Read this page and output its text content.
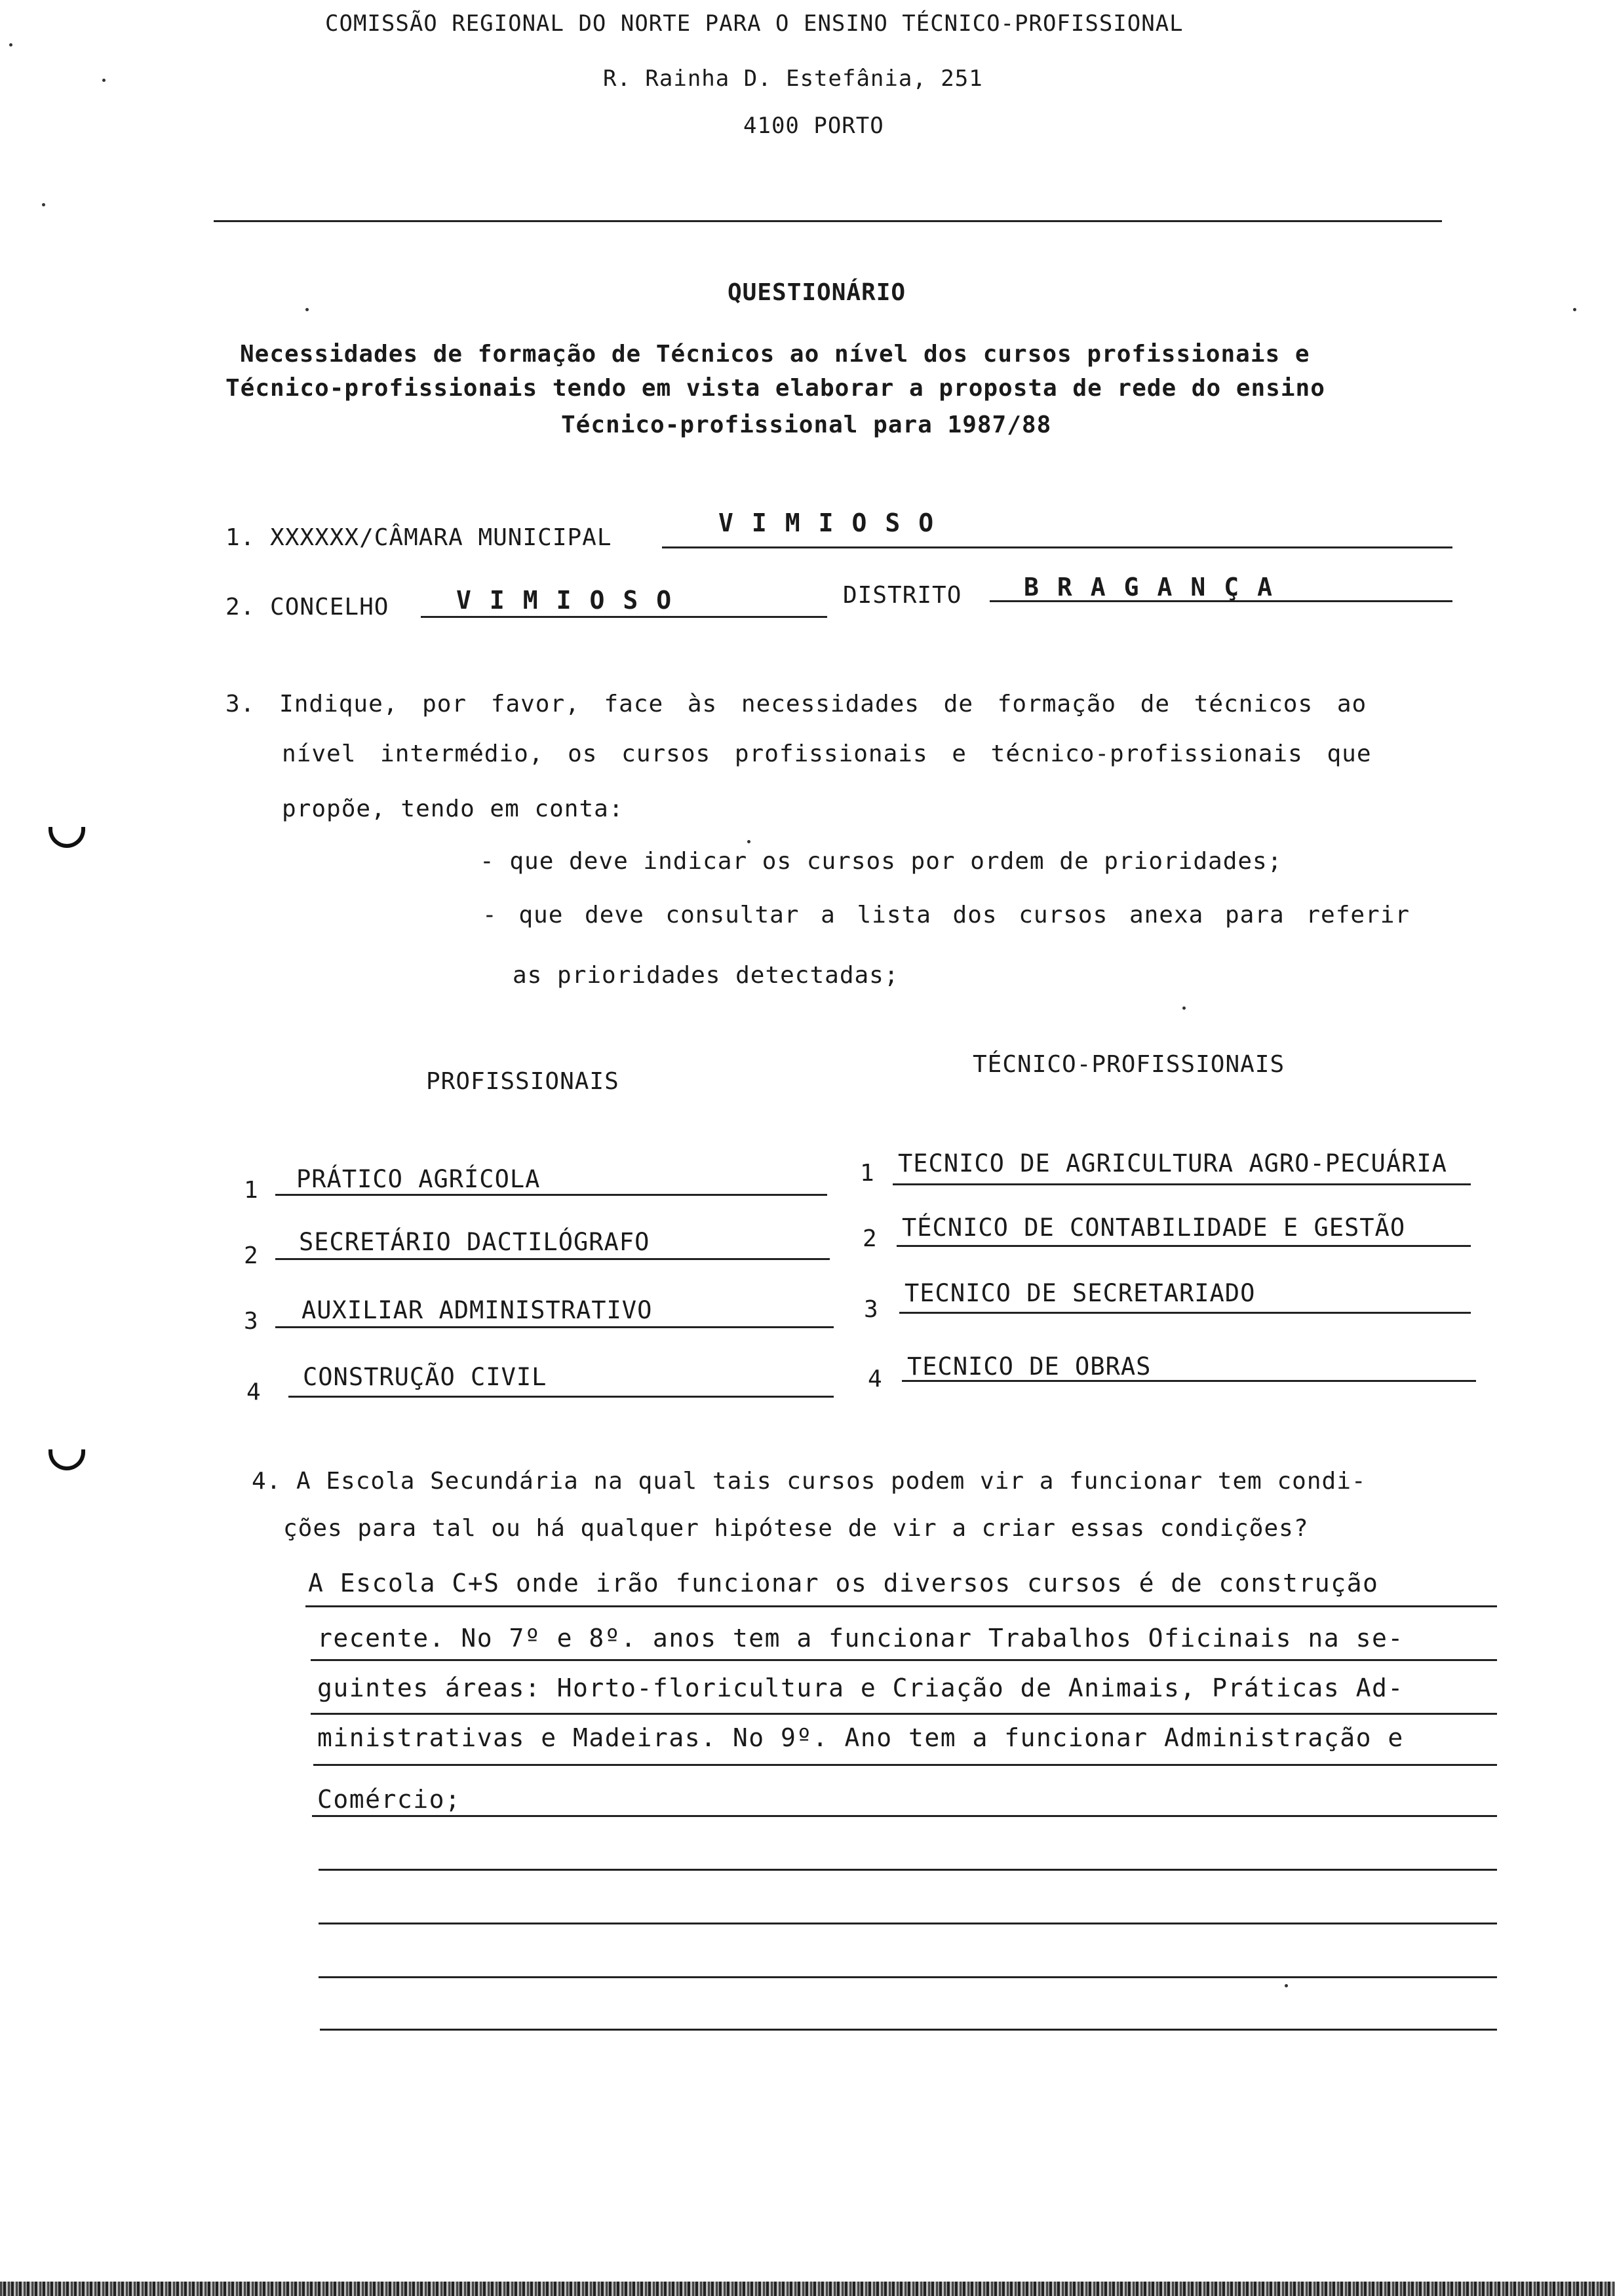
COMISSÃO REGIONAL DO NORTE PARA O ENSINO TÉCNICO-PROFISSIONAL
R. Rainha D. Estefânia, 251
4100 PORTO
QUESTIONÁRIO
Necessidades de formação de Técnicos ao nível dos cursos profissionais e
Técnico-profissionais tendo em vista elaborar a proposta de rede do ensino
Técnico-profissional para 1987/88
1. XXXXXX/CÂMARA MUNICIPAL
VIMIOSO
2. CONCELHO	VIMIOSO	DISTRITO BRAGANÇA
3. Indique, por favor, face às necessidades de formação de técnicos ao
nível intermédio, os cursos profissionais e técnico-profissionais que
propõe, tendo em conta:
- que deve indicar os cursos por ordem de prioridades;
- que deve consultar a lista dos cursos anexa para referir
as prioridades detectadas;
PROFISSIONAIS
TÉCNICO-PROFISSIONAIS
1 PRÁTICO AGRÍCOLA
2 SECRETÁRIO DACTILÓGRAFO
3 AUXILIAR ADMINISTRATIVO
4
CONSTRUÇÃO CIVIL
1 TECNICO DE AGRICULTURA AGRO-PECUÁRIA
2 TÉCNICO DE CONTABILIDADE E GESTÃO
3
TECNICO DE SECRETARIADO
4 TECNICO DE OBRAS
4. A Escola Secundária na qual tais cursos podem vir a funcionar tem condi-
ções para tal ou há qualquer hipótese de vir a criar essas condições?
A Escola C+S onde irão funcionar os diversos cursos é de construção
recente. No 7º e 8º. anos tem a funcionar Trabalhos Oficinais na se-
guintes áreas: Horto-floricultura e Criação de Animais, Práticas Ad-
ministrativas e Madeiras. No 9º. Ano tem a funcionar Administração e
Comércio;
